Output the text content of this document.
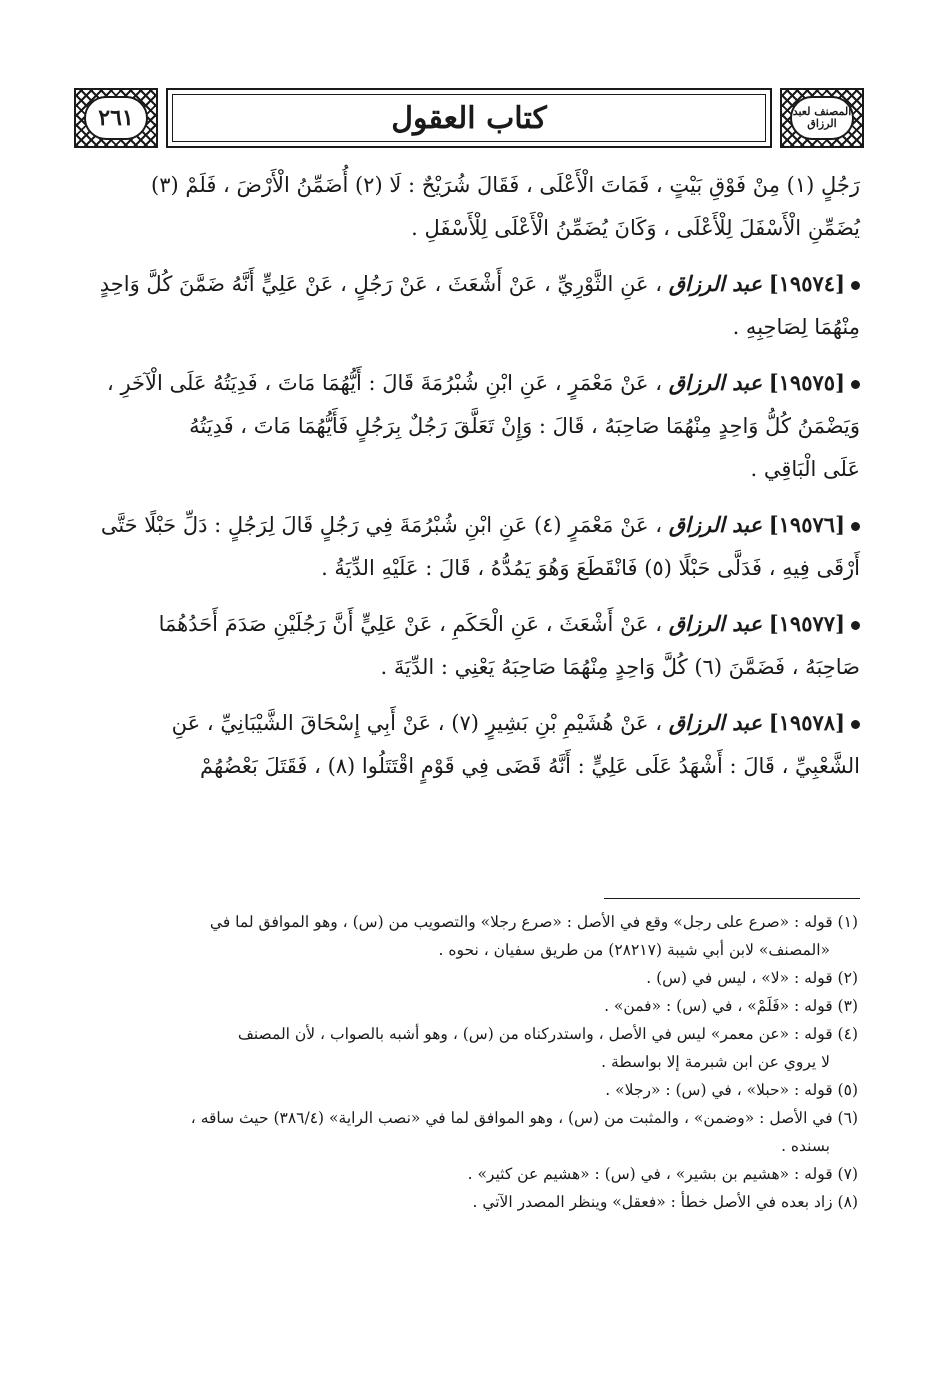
٢٦١	كتاب العقول	المصنف لعبد الرزاق

رَجُلٍ (١) مِنْ فَوْقِ بَيْتٍ ، فَمَاتَ الْأَعْلَى ، فَقَالَ شُرَيْحٌ : لَا (٢) أُضَمِّنُ الْأَرْضَ ، فَلَمْ (٣)

يُضَمِّنِ الْأَسْفَلَ لِلْأَعْلَى ، وَكَانَ يُضَمِّنُ الْأَعْلَى لِلْأَسْفَلِ .

[١٩٥٧٤] عبد الرزاق ، عَنِ الثَّوْرِيِّ ، عَنْ أَشْعَثَ ، عَنْ رَجُلٍ ، عَنْ عَلِيٍّ أَنَّهُ ضَمَّنَ كُلَّ وَاحِدٍ

مِنْهُمَا لِصَاحِبِهِ .

[١٩٥٧٥] عبد الرزاق ، عَنْ مَعْمَرٍ ، عَنِ ابْنِ شُبْرُمَةَ قَالَ : أَيُّهُمَا مَاتَ ، فَدِيَتُهُ عَلَى الْآخَرِ ،

وَيَضْمَنُ كُلُّ وَاحِدٍ مِنْهُمَا صَاحِبَهُ ، قَالَ : وَإِنْ تَعَلَّقَ رَجُلٌ بِرَجُلٍ فَأَيُّهُمَا مَاتَ ، فَدِيَتُهُ

عَلَى الْبَاقِي .

[١٩٥٧٦] عبد الرزاق ، عَنْ مَعْمَرٍ (٤) عَنِ ابْنِ شُبْرُمَةَ فِي رَجُلٍ قَالَ لِرَجُلٍ : دَلِّ حَبْلًا حَتَّى

أَرْقَى فِيهِ ، فَدَلَّى حَبْلًا (٥) فَانْقَطَعَ وَهُوَ يَمُدُّهُ ، قَالَ : عَلَيْهِ الدِّيَةُ .

[١٩٥٧٧] عبد الرزاق ، عَنْ أَشْعَثَ ، عَنِ الْحَكَمِ ، عَنْ عَلِيٍّ أَنَّ رَجُلَيْنِ صَدَمَ أَحَدُهُمَا

صَاحِبَهُ ، فَضَمَّنَ (٦) كُلَّ وَاحِدٍ مِنْهُمَا صَاحِبَهُ يَعْنِي : الدِّيَةَ .

[١٩٥٧٨] عبد الرزاق ، عَنْ هُشَيْمِ بْنِ بَشِيرٍ (٧) ، عَنْ أَبِي إِسْحَاقَ الشَّيْبَانِيِّ ، عَنِ

الشَّعْبِيِّ ، قَالَ : أَشْهَدُ عَلَى عَلِيٍّ : أَنَّهُ قَضَى فِي قَوْمٍ اقْتَتَلُوا (٨) ، فَقَتَلَ بَعْضُهُمْ

(١) قوله : «صرع على رجل» وقع في الأصل : «صرع رجلا» والتصويب من (س) ، وهو الموافق لما في

«المصنف» لابن أبي شيبة (٢٨٢١٧) من طريق سفيان ، نحوه .

(٢) قوله : «لا» ، ليس في (س) .

(٣) قوله : «فَلَمْ» ، في (س) : «فمن» .

(٤) قوله : «عن معمر» ليس في الأصل ، واستدركناه من (س) ، وهو أشبه بالصواب ، لأن المصنف

لا يروي عن ابن شبرمة إلا بواسطة .

(٥) قوله : «حبلا» ، في (س) : «رجلا» .

(٦) في الأصل : «وضمن» ، والمثبت من (س) ، وهو الموافق لما في «نصب الراية» (٣٨٦/٤) حيث ساقه ،

بسنده .

(٧) قوله : «هشيم بن بشير» ، في (س) : «هشيم عن كثير» .

(٨) زاد بعده في الأصل خطأ : «فعقل» وينظر المصدر الآتي .
